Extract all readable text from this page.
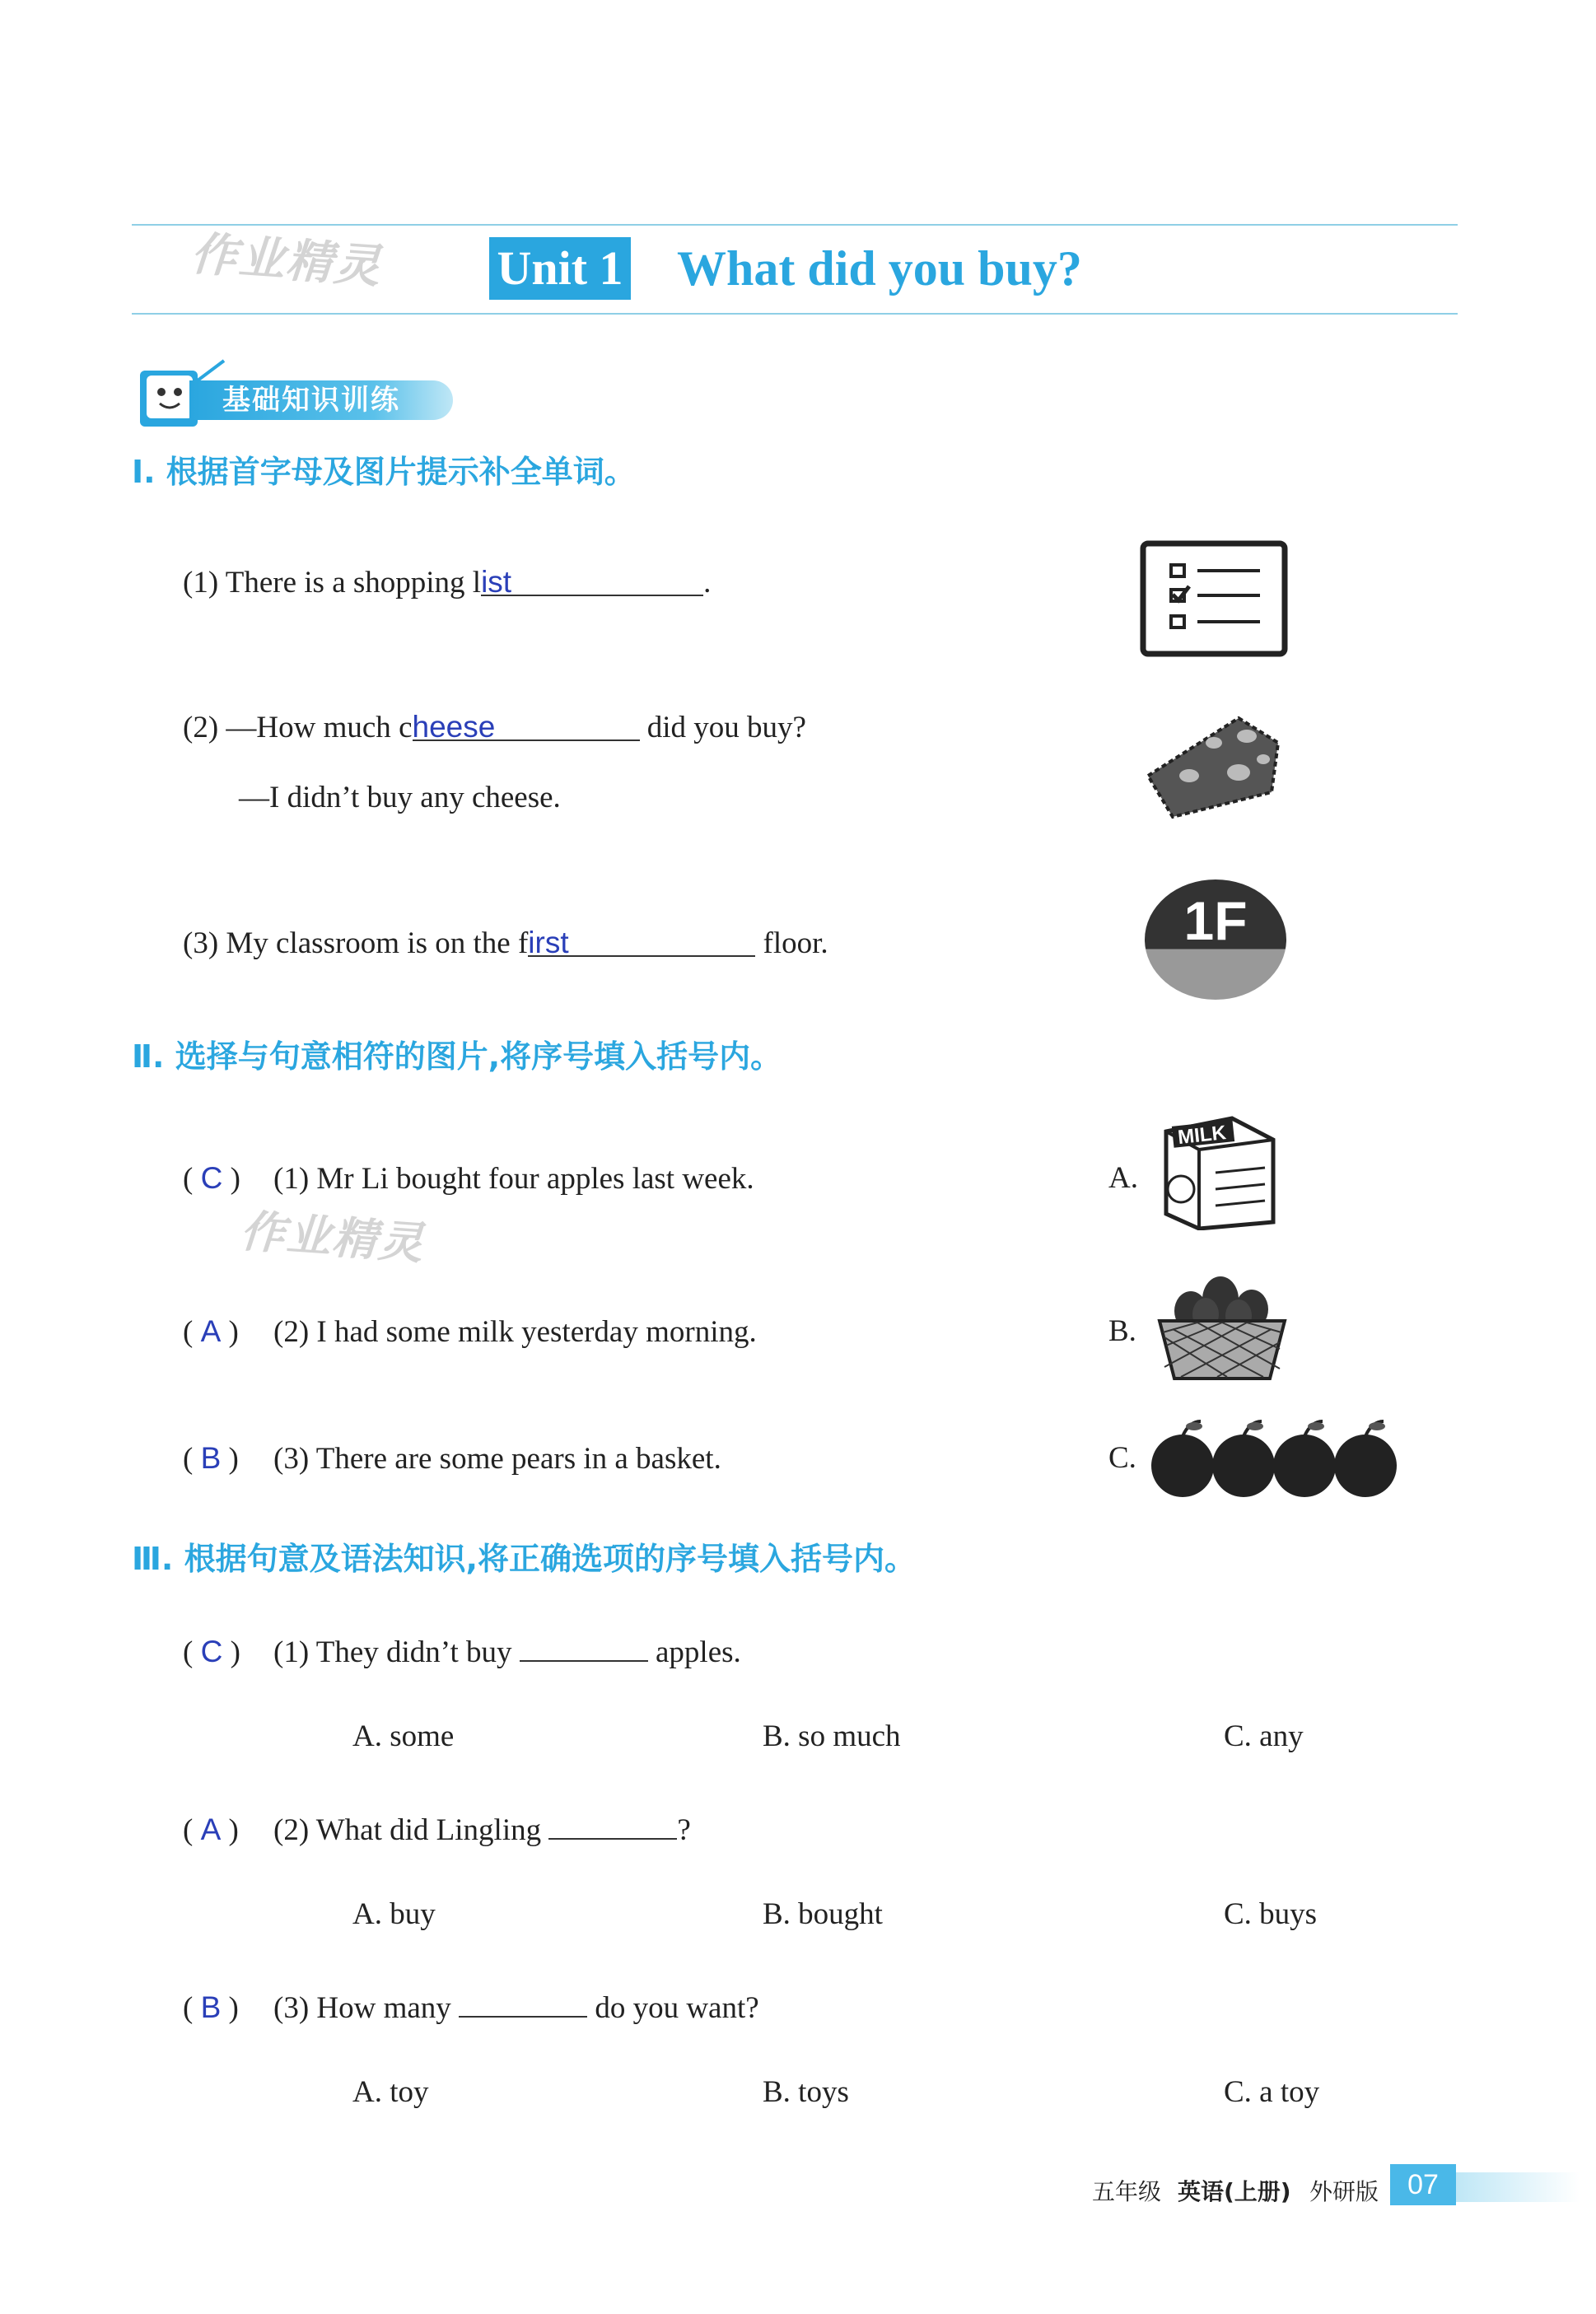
作业精灵 Unit 1 What did you buy?
基础知识训练
Ⅰ. 根据首字母及图片提示补全单词。
(1) There is a shopping list	.
(2) —How much cheese	did you buy?
—I didn’t buy any cheese.
(3) My classroom is on the first	floor.	1F
Ⅱ. 选择与句意相符的图片,将序号填入括号内。
( C ) (1) Mr Li bought four apples last week.
作业精灵
( A ) (2) I had some milk yesterday morning.
( B ) (3) There are some pears in a basket.
A.
MILK
B.
C.
Ⅲ. 根据句意及语法知识,将正确选项的序号填入括号内。
( C ) (1) They didn’t buy	apples.
A. some	B. so much	C. any
( A ) (2) What did Lingling	?
A. buy	B. bought	C. buys
( B ) (3) How many	do you want?
A. toy	B. toys	C. a toy
五年级 英语(上册) 外研版	07
